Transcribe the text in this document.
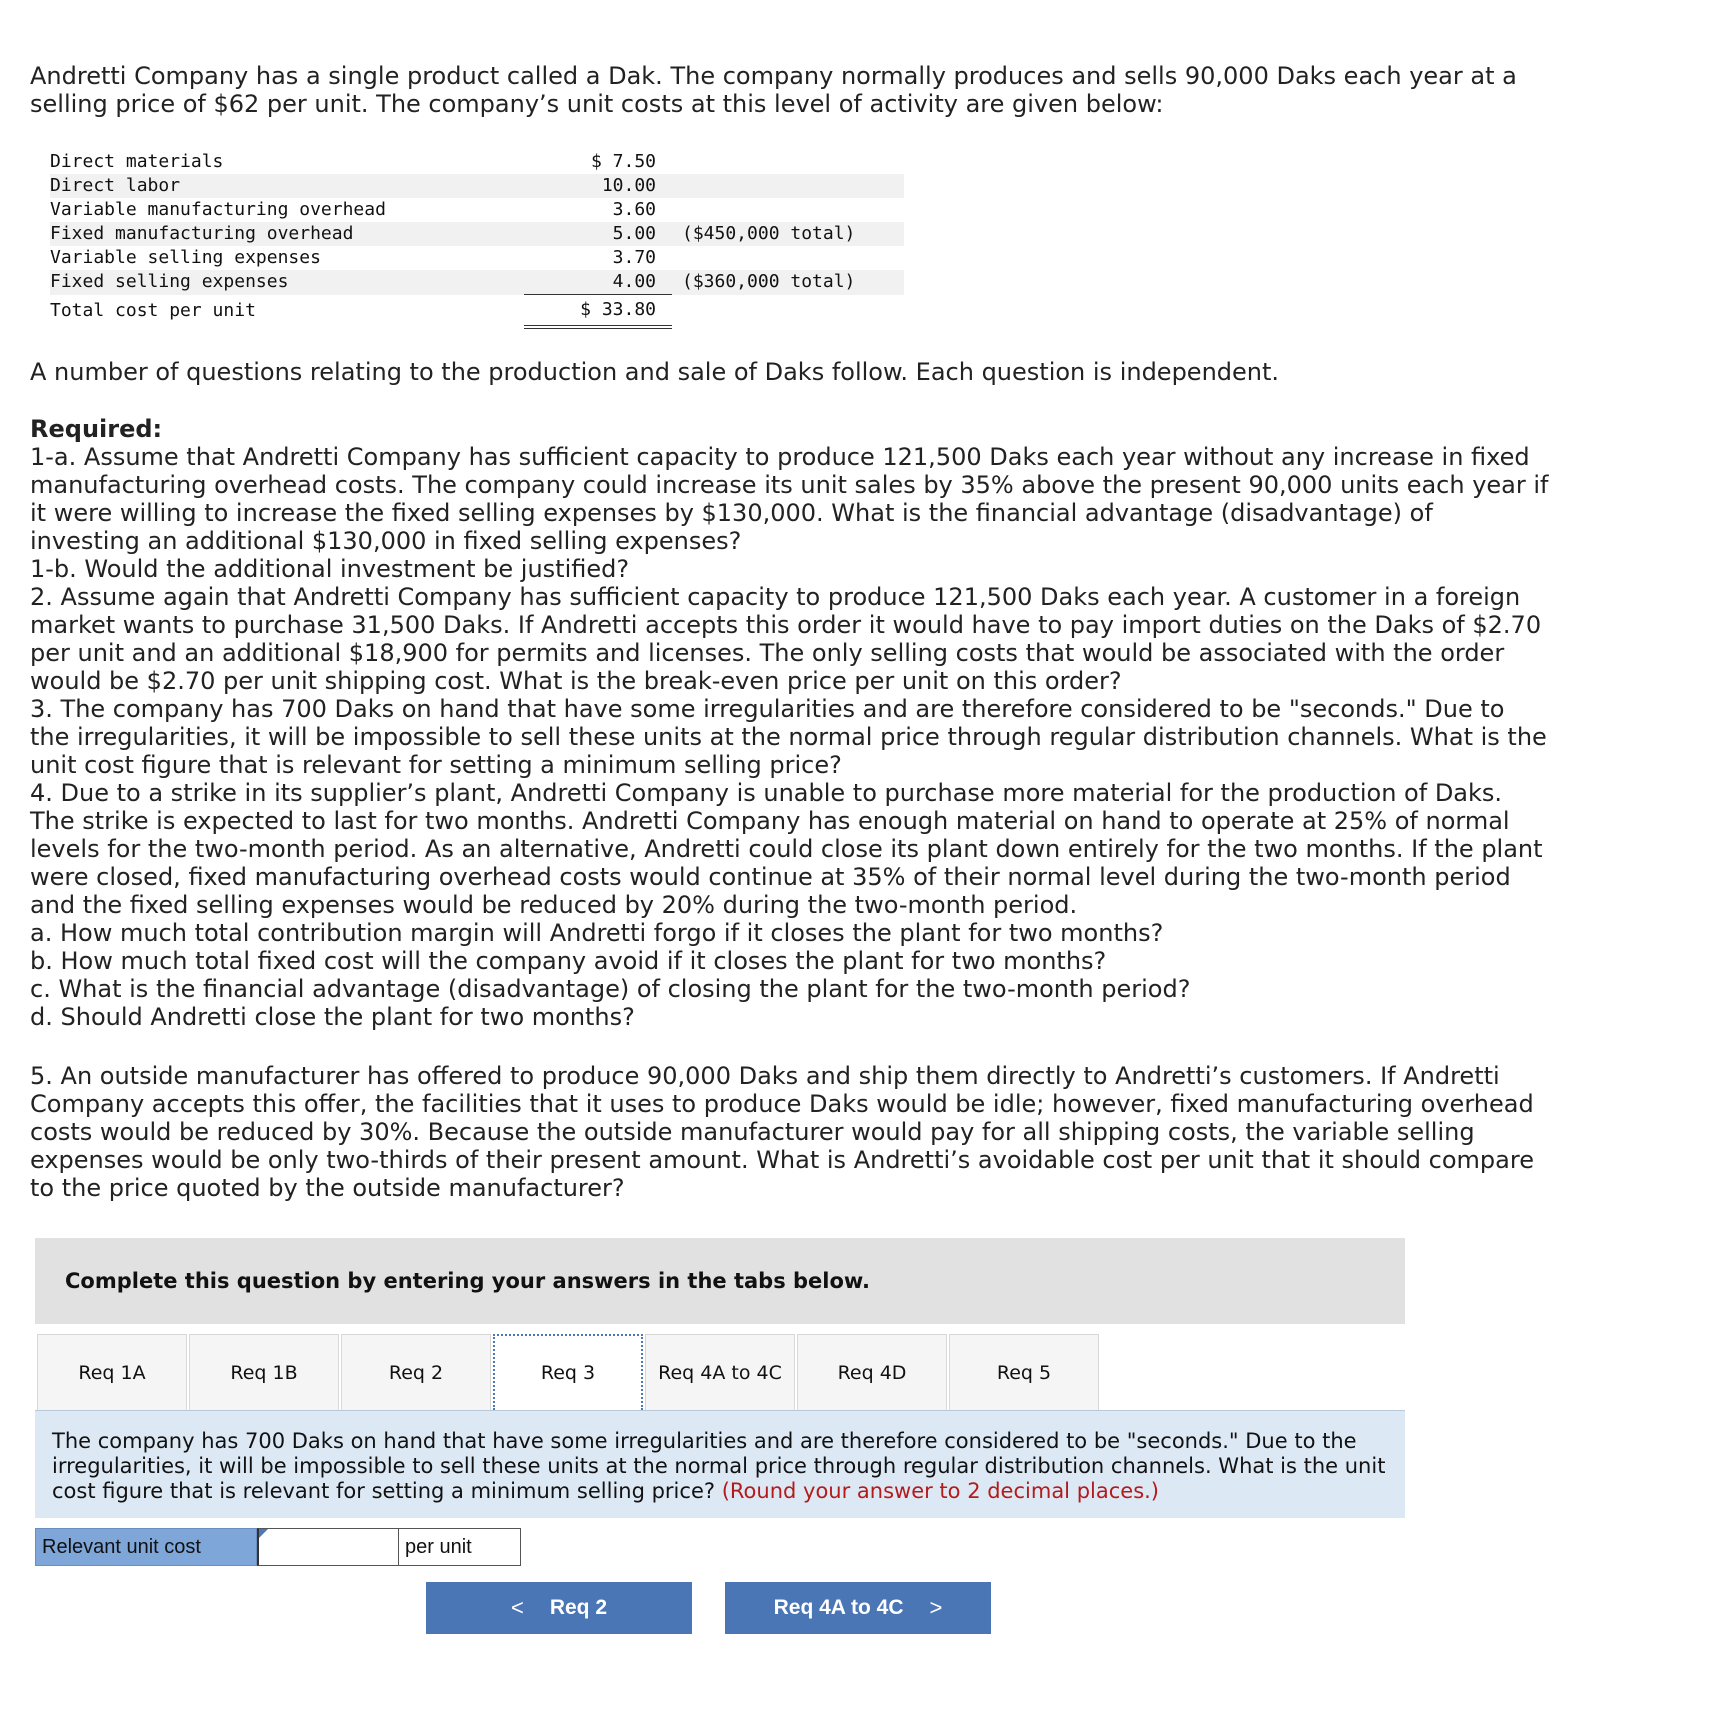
Andretti Company has a single product called a Dak. The company normally produces and sells 90,000 Daks each year at a selling price of $62 per unit. The company’s unit costs at this level of activity are given below:

Direct materials	$ 7.50	
Direct labor	10.00	
Variable manufacturing overhead	3.60	
Fixed manufacturing overhead	5.00	($450,000 total)
Variable selling expenses	3.70	
Fixed selling expenses	4.00	($360,000 total)
Total cost per unit	$ 33.80	

A number of questions relating to the production and sale of Daks follow. Each question is independent.

Required:
1-a. Assume that Andretti Company has sufficient capacity to produce 121,500 Daks each year without any increase in fixed manufacturing overhead costs. The company could increase its unit sales by 35% above the present 90,000 units each year if it were willing to increase the fixed selling expenses by $130,000. What is the financial advantage (disadvantage) of investing an additional $130,000 in fixed selling expenses?
1-b. Would the additional investment be justified?
2. Assume again that Andretti Company has sufficient capacity to produce 121,500 Daks each year. A customer in a foreign market wants to purchase 31,500 Daks. If Andretti accepts this order it would have to pay import duties on the Daks of $2.70 per unit and an additional $18,900 for permits and licenses. The only selling costs that would be associated with the order would be $2.70 per unit shipping cost. What is the break-even price per unit on this order?
3. The company has 700 Daks on hand that have some irregularities and are therefore considered to be "seconds." Due to the irregularities, it will be impossible to sell these units at the normal price through regular distribution channels. What is the unit cost figure that is relevant for setting a minimum selling price?
4. Due to a strike in its supplier’s plant, Andretti Company is unable to purchase more material for the production of Daks. The strike is expected to last for two months. Andretti Company has enough material on hand to operate at 25% of normal levels for the two-month period. As an alternative, Andretti could close its plant down entirely for the two months. If the plant were closed, fixed manufacturing overhead costs would continue at 35% of their normal level during the two-month period and the fixed selling expenses would be reduced by 20% during the two-month period.
a. How much total contribution margin will Andretti forgo if it closes the plant for two months?
b. How much total fixed cost will the company avoid if it closes the plant for two months?
c. What is the financial advantage (disadvantage) of closing the plant for the two-month period?
d. Should Andretti close the plant for two months?

5. An outside manufacturer has offered to produce 90,000 Daks and ship them directly to Andretti’s customers. If Andretti Company accepts this offer, the facilities that it uses to produce Daks would be idle; however, fixed manufacturing overhead costs would be reduced by 30%. Because the outside manufacturer would pay for all shipping costs, the variable selling expenses would be only two-thirds of their present amount. What is Andretti’s avoidable cost per unit that it should compare to the price quoted by the outside manufacturer?

Complete this question by entering your answers in the tabs below.
Req 1A	Req 1B	Req 2	Req 3	Req 4A to 4C	Req 4D	Req 5
The company has 700 Daks on hand that have some irregularities and are therefore considered to be "seconds." Due to the irregularities, it will be impossible to sell these units at the normal price through regular distribution channels. What is the unit cost figure that is relevant for setting a minimum selling price? (Round your answer to 2 decimal places.)
Relevant unit cost	per unit
< Req 2	Req 4A to 4C >
